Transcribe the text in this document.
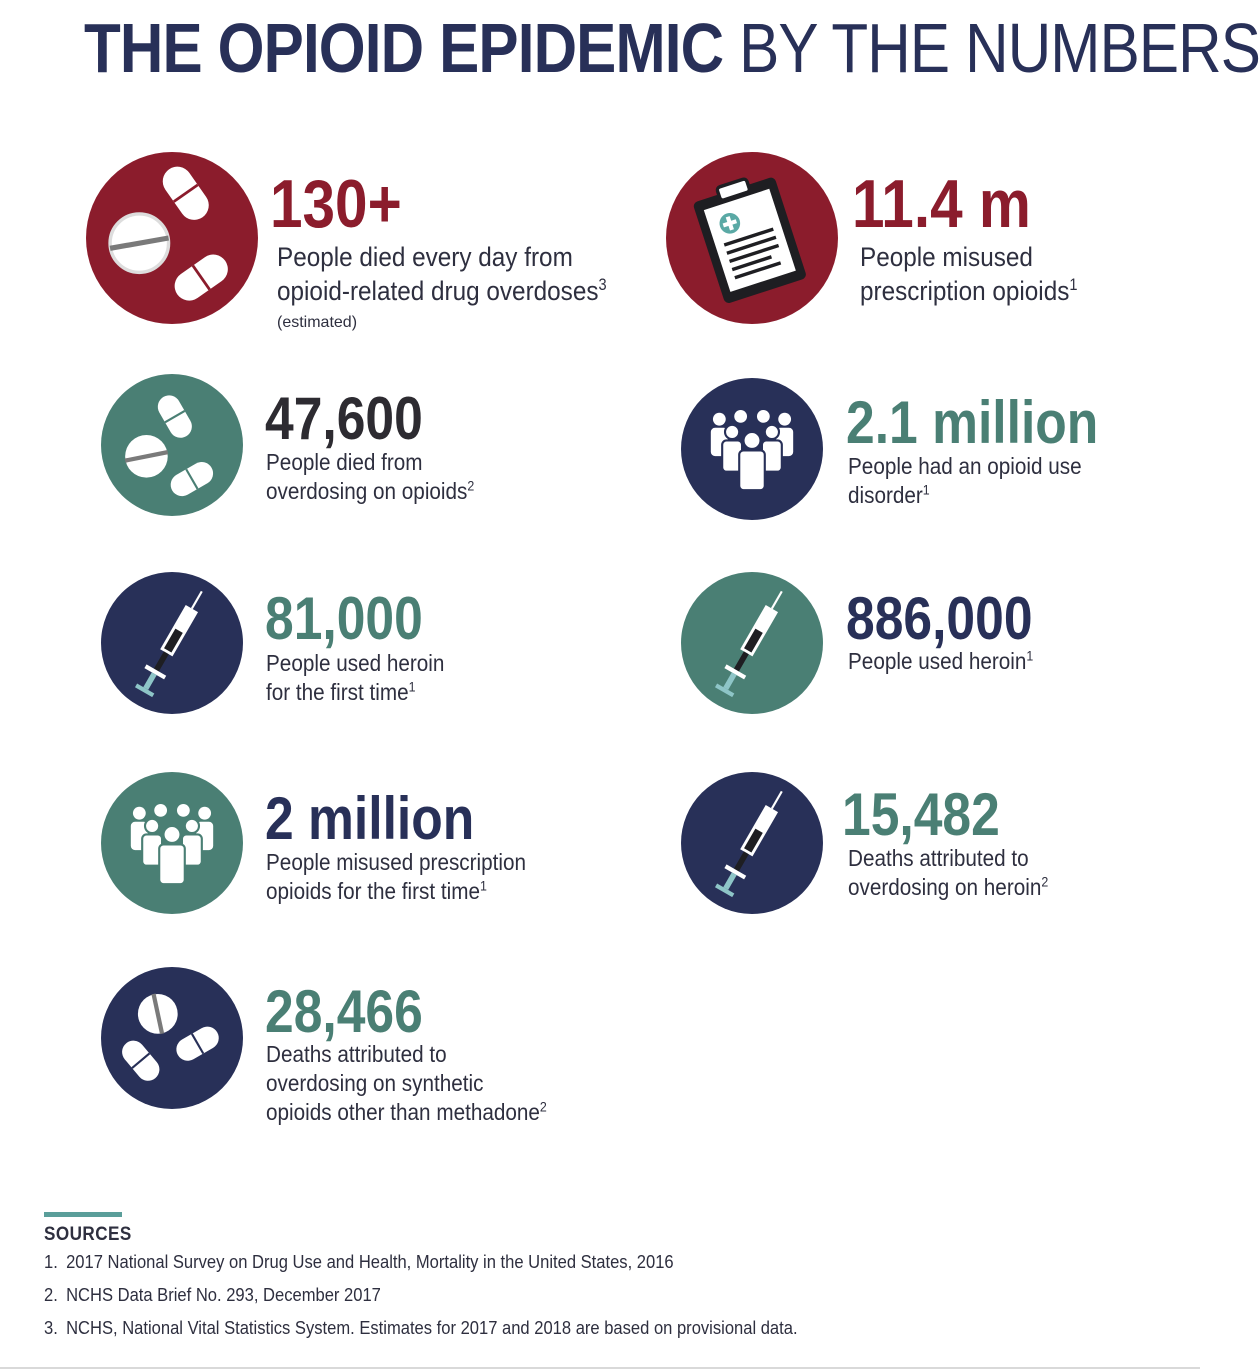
THE OPIOID EPIDEMIC BY THE NUMBERS
130+
People died every day from
opioid-related drug overdoses$^3$
(estimated)
11.4 m
People misused
prescription opioids$^1$
47,600
People died from
overdosing on opioids$^2$
2.1 million
People had an opioid use
disorder$^1$
81,000
People used heroin
for the first time$^1$
886,000
People used heroin$^1$
2 million
People misused prescription
opioids for the first time$^1$
15,482
Deaths attributed to
overdosing on heroin$^2$
28,466
Deaths attributed to
overdosing on synthetic
opioids other than methadone$^2$
SOURCES
1. 2017 National Survey on Drug Use and Health, Mortality in the United States, 2016
2. NCHS Data Brief No. 293, December 2017
3. NCHS, National Vital Statistics System. Estimates for 2017 and 2018 are based on provisional data.
